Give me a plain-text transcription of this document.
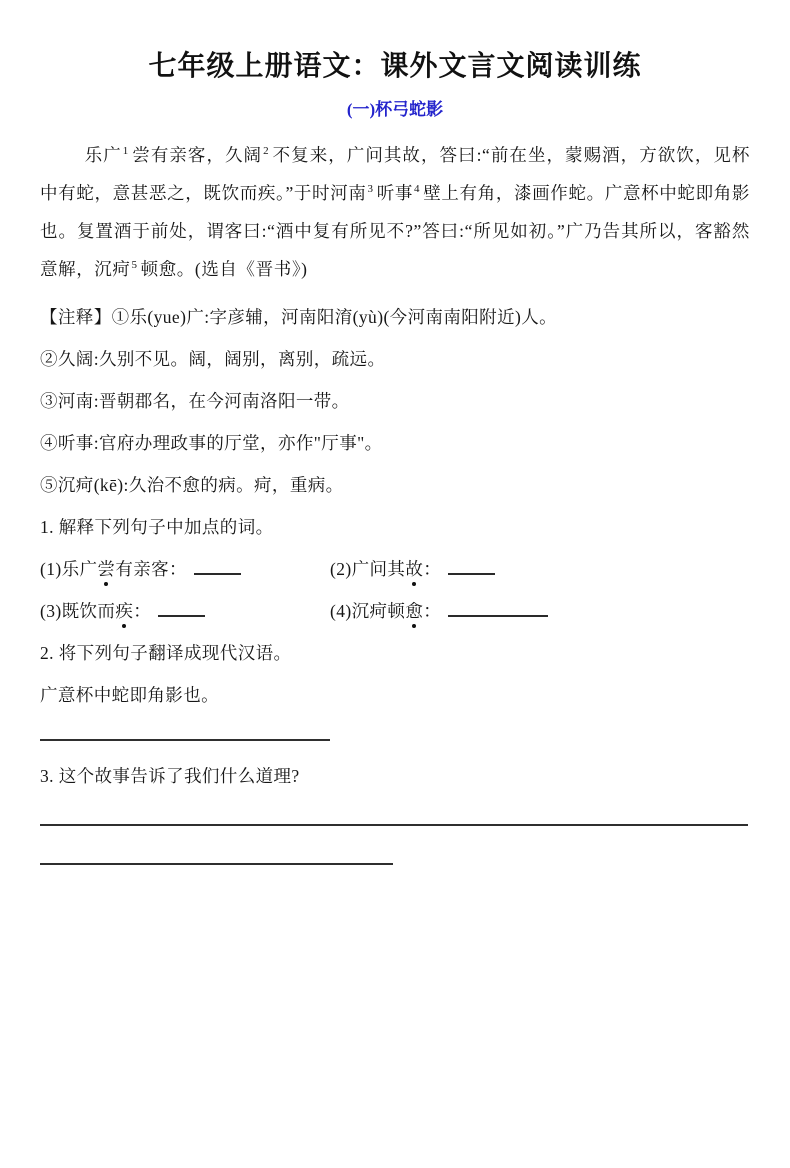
七年级上册语文：课外文言文阅读训练
(一)杯弓蛇影

乐广$^1$ 尝有亲客，久阔$^2$ 不复来，广问其故，答曰:“前在坐，蒙赐酒，方欲饮，见杯中有蛇，意甚恶之，既饮而疾。”于时河南$^3$ 听事$^4$ 壁上有角，漆画作蛇。广意杯中蛇即角影也。复置酒于前处，谓客曰:“酒中复有所见不?”答曰:“所见如初。”广乃告其所以，客豁然意解，沉疴$^5$ 顿愈。(选自《晋书》)

【注释】①乐(yue)广:字彦辅，河南阳淯(yù)(今河南南阳附近)人。

②久阔:久别不见。阔，阔别，离别，疏远。

③河南:晋朝郡名，在今河南洛阳一带。

④听事:官府办理政事的厅堂，亦作"厅事"。

⑤沉疴(kē):久治不愈的病。疴，重病。

1. 解释下列句子中加点的词。

(1)乐广尝有亲客：	(2)广问其故：
(3)既饮而疾：	(4)沉疴顿愈：

2. 将下列句子翻译成现代汉语。

广意杯中蛇即角影也。

3. 这个故事告诉了我们什么道理?
